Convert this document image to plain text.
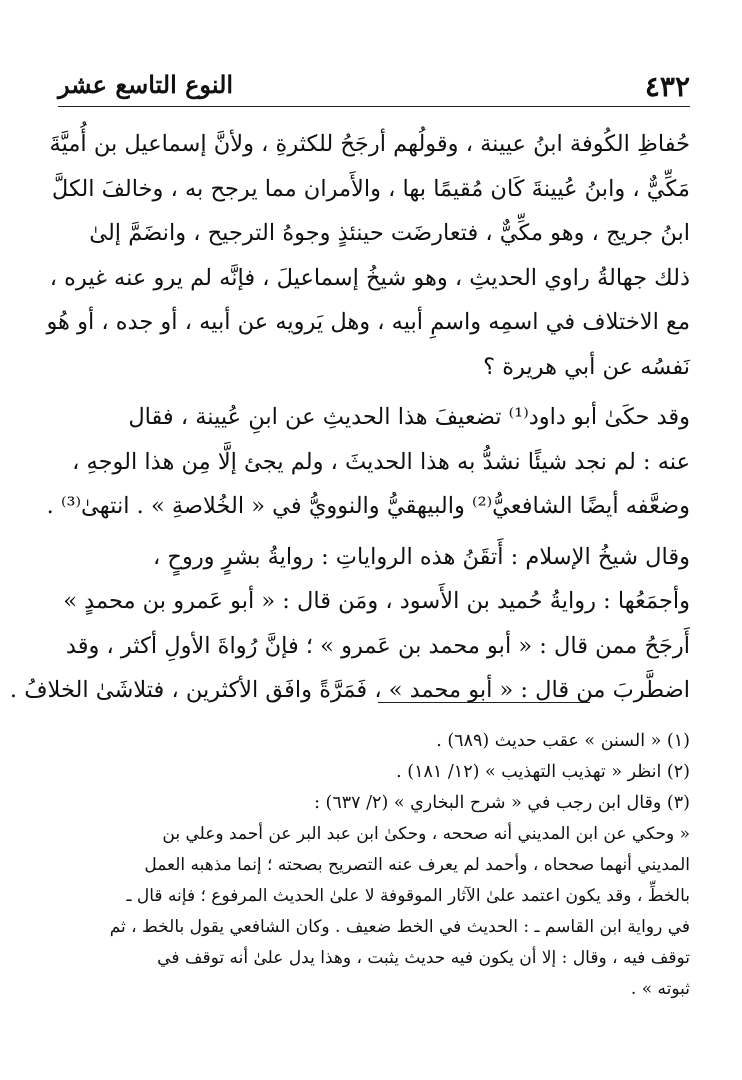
٤٣٢
النوع التاسع عشر
حُفاظِ الكُوفة ابنُ عيينة ، وقولُهم أرجَحُ للكثرةِ ، ولأنَّ إسماعيل بن أُميَّةَ
مَكِّيٌّ ، وابنُ عُيينةَ كَان مُقيمًا بها ، والأَمران مما يرجح به ، وخالفَ الكلَّ
ابنُ جريج ، وهو مكِّيٌّ ، فتعارضَت حينئذٍ وجوهُ الترجيح ، وانضَمَّ إلىٰ
ذلك جهالةُ راوي الحديثِ ، وهو شيخُ إسماعيلَ ، فإنَّه لم يرو عنه غيره ،
مع الاختلاف في اسمِه واسمِ أبيه ، وهل يَرويه عن أبيه ، أو جده ، أو هُو
نَفسُه عن أبي هريرة ؟
وقد حكَىٰ أبو داود⁽¹⁾ تضعيفَ هذا الحديثِ عن ابنِ عُيينة ، فقال
عنه : لم نجد شيئًا نشدُّ به هذا الحديثَ ، ولم يجئ إلَّا مِن هذا الوجهِ ،
وضعَّفه أيضًا الشافعيُّ⁽²⁾ والبيهقيُّ والنوويُّ في « الخُلاصةِ » . انتهىٰ⁽³⁾ .
وقال شيخُ الإسلام : أَتقَنُ هذه الرواياتِ : روايةُ بشرٍ وروحٍ ،
وأجمَعُها : روايةُ حُميد بن الأَسود ، ومَن قال : « أبو عَمرو بن محمدٍ »
أَرجَحُ ممن قال : « أبو محمد بن عَمرو » ؛ فإنَّ رُواةَ الأولِ أكثر ، وقد
اضطَّربَ من قال : « أبو محمد » ، فَمَرَّةً وافَق الأكثرين ، فتلاشَىٰ الخلافُ .
(١) « السنن » عقب حديث (٦٨٩) .
(٢) انظر « تهذيب التهذيب » (١٢/ ١٨١) .
(٣) وقال ابن رجب في « شرح البخاري » (٢/ ٦٣٧) :
« وحكي عن ابن المديني أنه صححه ، وحكىٰ ابن عبد البر عن أحمد وعلي بن
المديني أنهما صححاه ، وأحمد لم يعرف عنه التصريح بصحته ؛ إنما مذهبه العمل
بالخطِّ ، وقد يكون اعتمد علىٰ الآثار الموقوفة لا علىٰ الحديث المرفوع ؛ فإنه قال ـ
في رواية ابن القاسم ـ : الحديث في الخط ضعيف . وكان الشافعي يقول بالخط ، ثم
توقف فيه ، وقال : إلا أن يكون فيه حديث يثبت ، وهذا يدل علىٰ أنه توقف في
ثبوته » .
